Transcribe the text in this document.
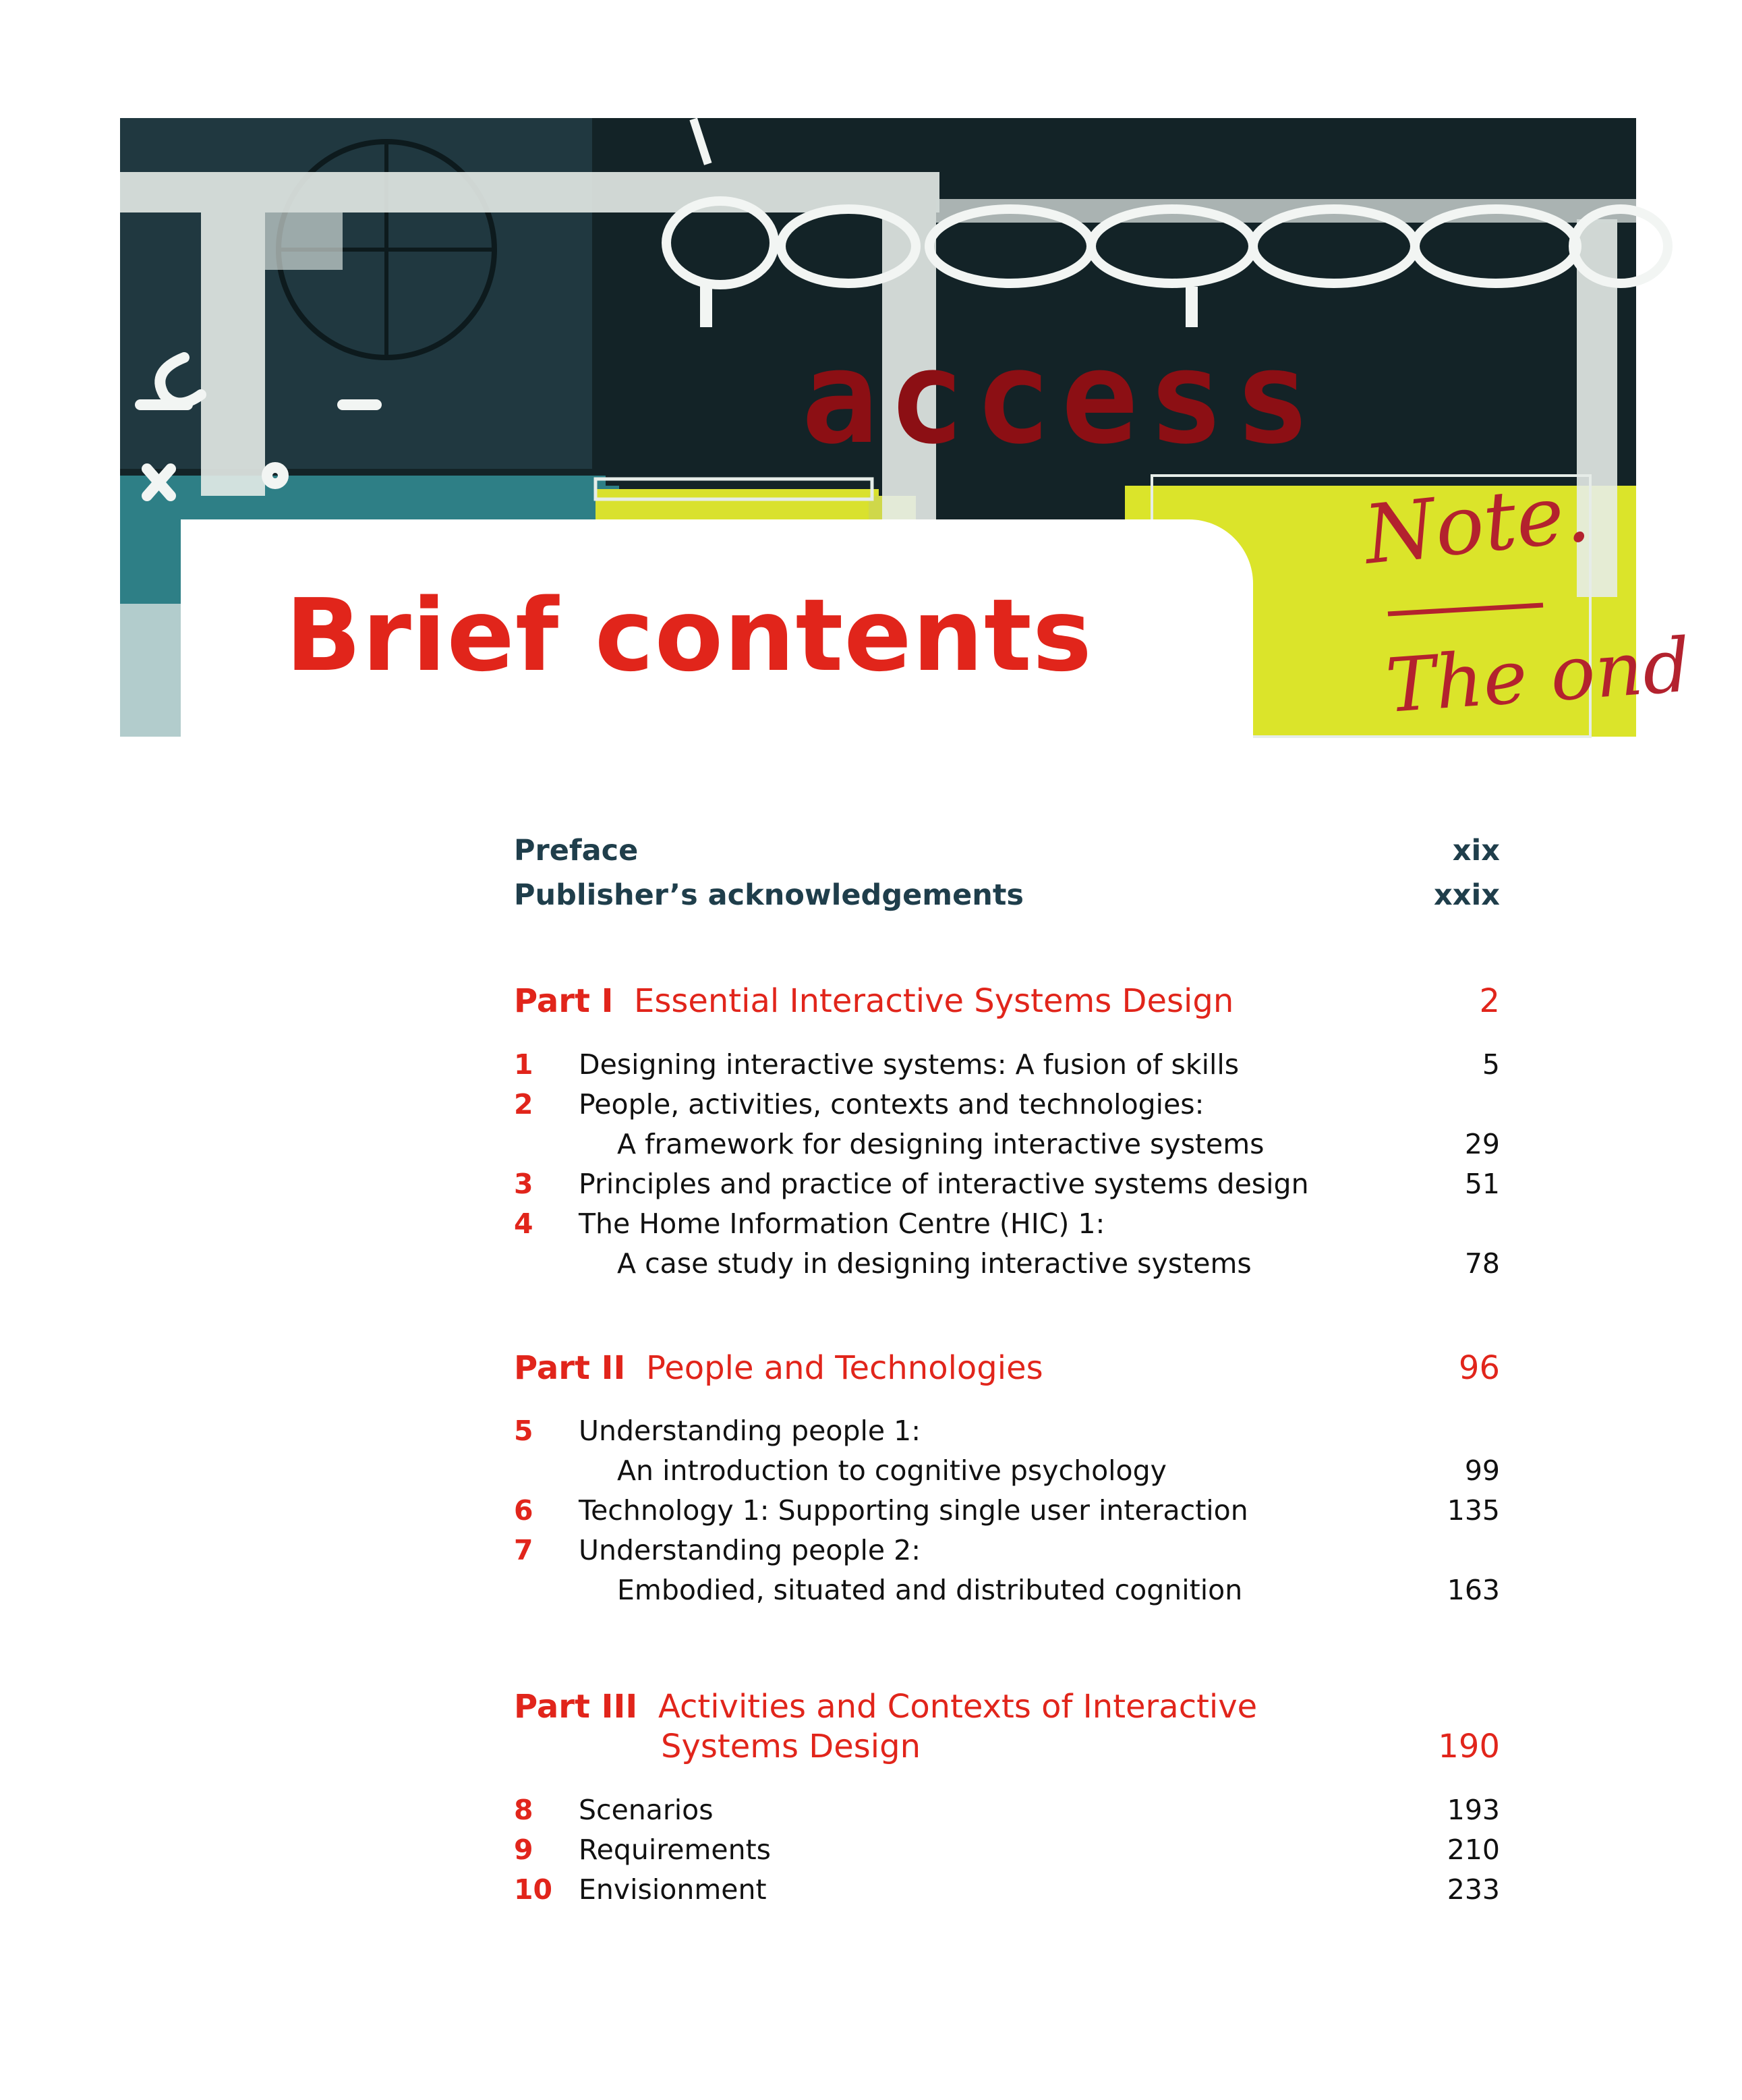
access
Note.
The ond
Brief contents
Preface	xix
Publisher’s acknowledgements	xxix
Part I Essential Interactive Systems Design	2
1 Designing interactive systems: A fusion of skills	5
2 People, activities, contexts and technologies:
A framework for designing interactive systems	29
3 Principles and practice of interactive systems design	51
4 The Home Information Centre (HIC) 1:
A case study in designing interactive systems	78
Part II People and Technologies	96
5 Understanding people 1:
An introduction to cognitive psychology	99
6 Technology 1: Supporting single user interaction	135
7 Understanding people 2:
Embodied, situated and distributed cognition	163
Part III Activities and Contexts of Interactive
Systems Design	190
8 Scenarios	193
9 Requirements	210
10 Envisionment	233
